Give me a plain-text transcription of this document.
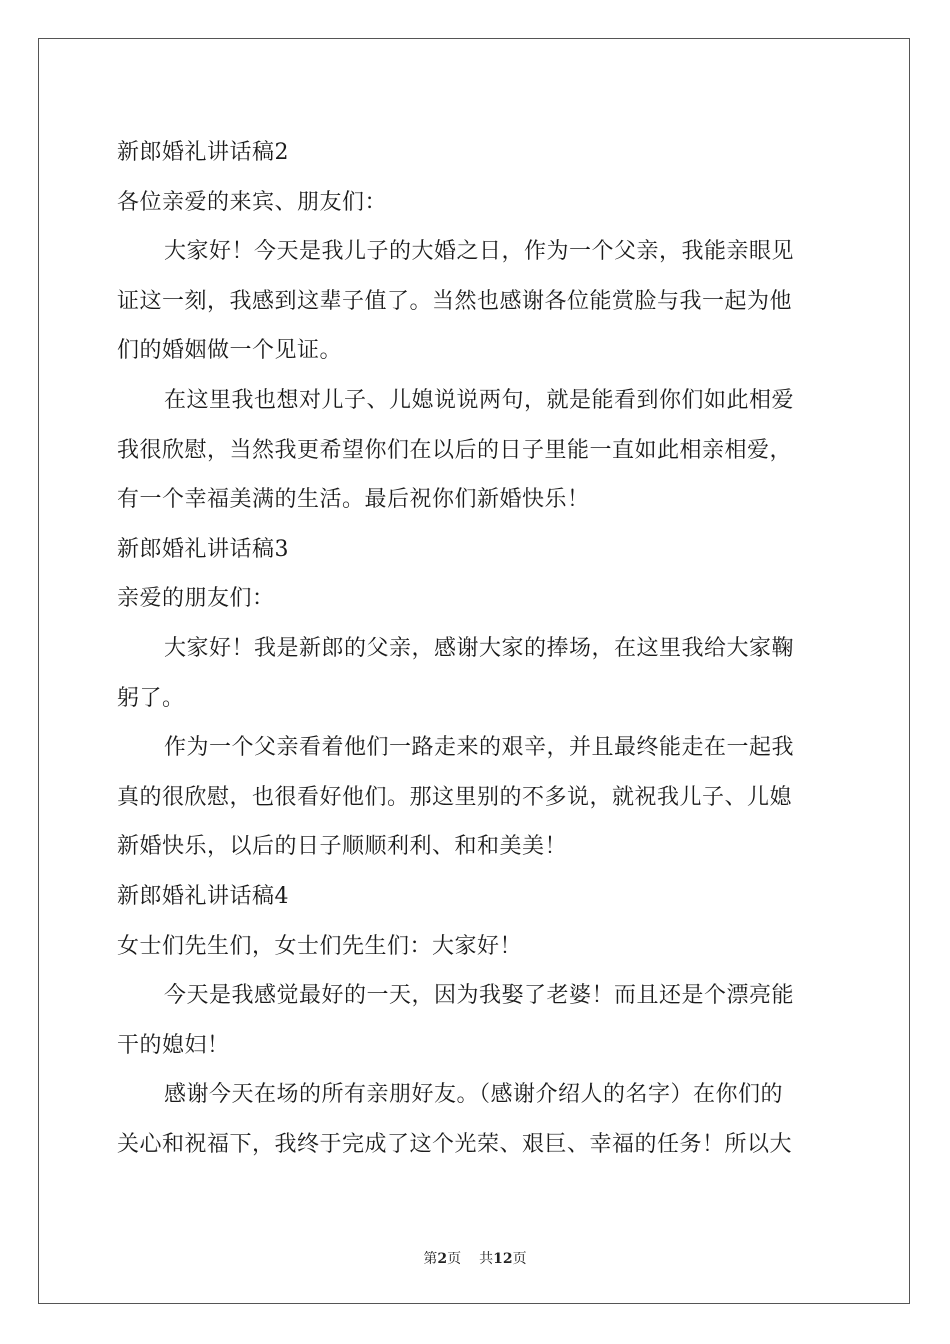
新郎婚礼讲话稿2
各位亲爱的来宾、朋友们：
大家好！今天是我儿子的大婚之日，作为一个父亲，我能亲眼见
证这一刻，我感到这辈子值了。当然也感谢各位能赏脸与我一起为他
们的婚姻做一个见证。
在这里我也想对儿子、儿媳说说两句，就是能看到你们如此相爱
我很欣慰，当然我更希望你们在以后的日子里能一直如此相亲相爱，
有一个幸福美满的生活。最后祝你们新婚快乐！
新郎婚礼讲话稿3
亲爱的朋友们：
大家好！我是新郎的父亲，感谢大家的捧场，在这里我给大家鞠
躬了。
作为一个父亲看着他们一路走来的艰辛，并且最终能走在一起我
真的很欣慰，也很看好他们。那这里别的不多说，就祝我儿子、儿媳
新婚快乐，以后的日子顺顺利利、和和美美！
新郎婚礼讲话稿4
女士们先生们，女士们先生们：大家好！
今天是我感觉最好的一天，因为我娶了老婆！而且还是个漂亮能
干的媳妇！
感谢今天在场的所有亲朋好友。（感谢介绍人的名字）在你们的
关心和祝福下，我终于完成了这个光荣、艰巨、幸福的任务！所以大
第2页 共12页
